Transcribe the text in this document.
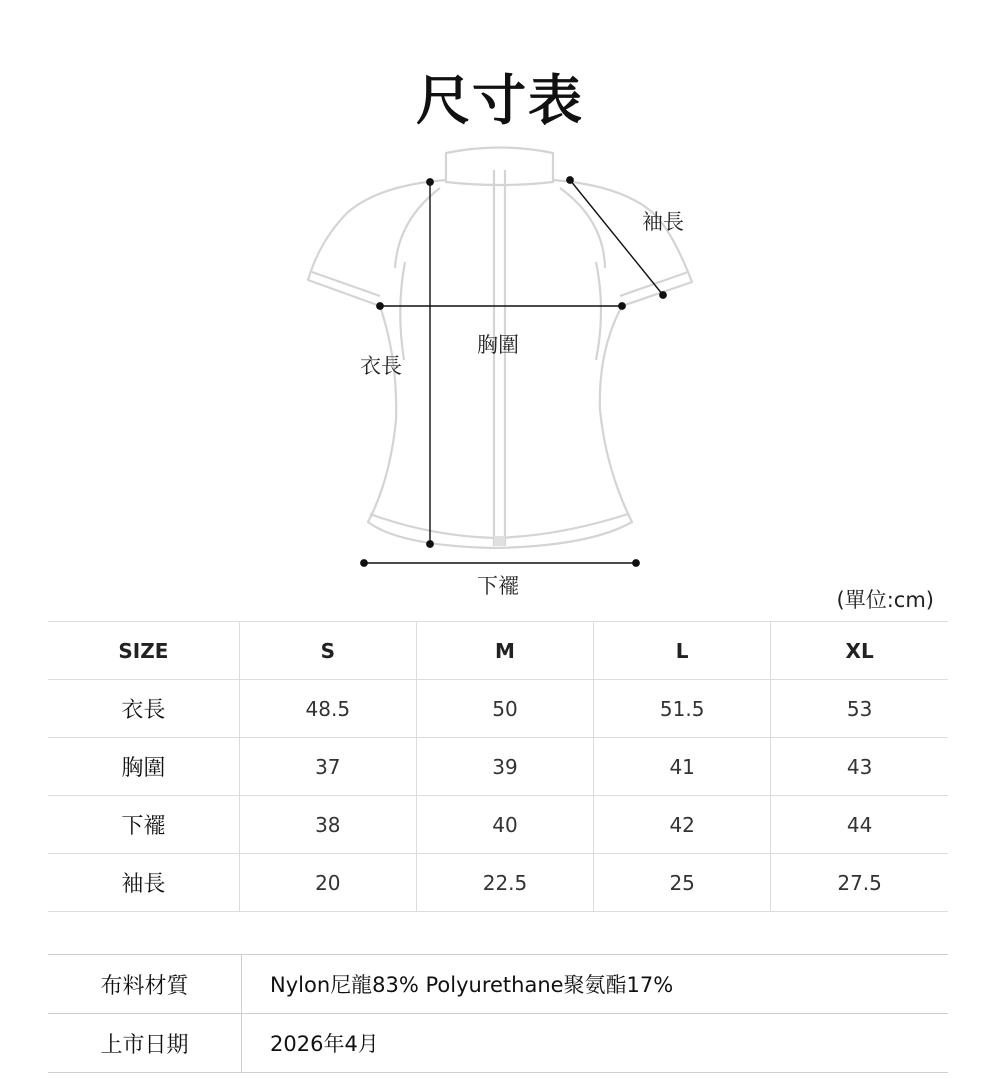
尺寸表
袖長
胸圍
衣長
下襬
(單位:cm)
SIZE	S	M	L	XL
衣長	48.5	50	51.5	53
胸圍	37	39	41	43
下襬	38	40	42	44
袖長	20	22.5	25	27.5
布料材質	Nylon尼龍83% Polyurethane聚氨酯17%
上市日期	2026年4月
